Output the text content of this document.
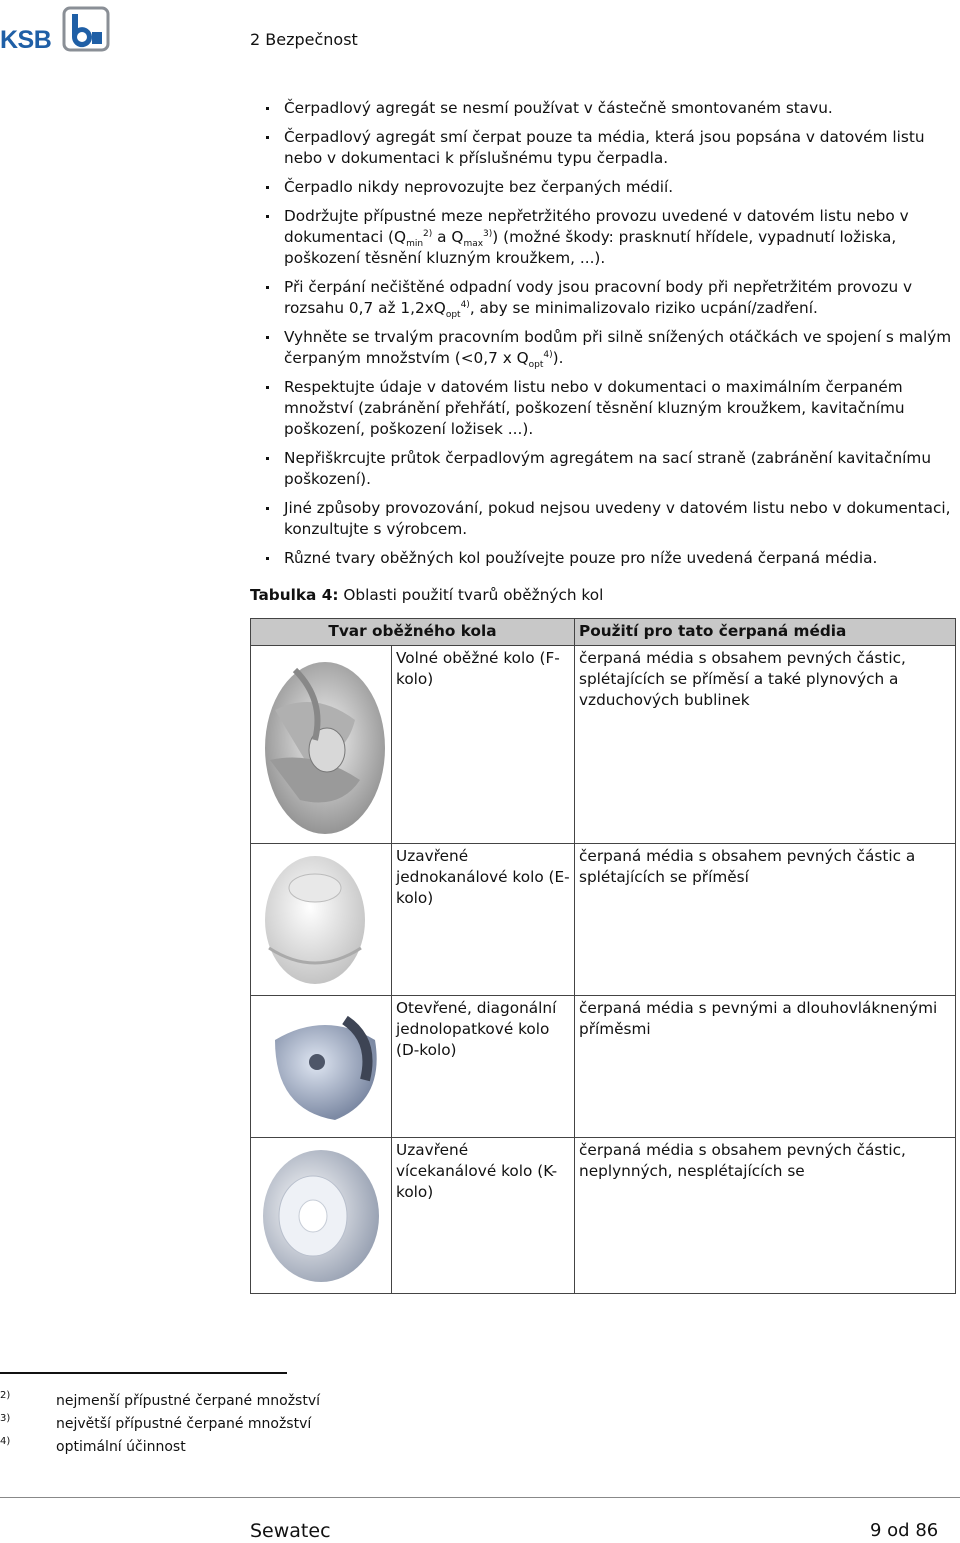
KSB	2 Bezpečnost
Čerpadlový agregát se nesmí používat v částečně smontovaném stavu.
Čerpadlový agregát smí čerpat pouze ta média, která jsou popsána v datovém listu nebo v dokumentaci k příslušnému typu čerpadla.
Čerpadlo nikdy neprovozujte bez čerpaných médií.
Dodržujte přípustné meze nepřetržitého provozu uvedené v datovém listu nebo v dokumentaci ($Q_{min}^{2)}$ a $Q_{max}^{3)}$) (možné škody: prasknutí hřídele, vypadnutí ložiska, poškození těsnění kluzným kroužkem, ...).
Při čerpání nečištěné odpadní vody jsou pracovní body při nepřetržitém provozu v rozsahu 0,7 až $1,2xQ_{opt}^{4)}$, aby se minimalizovalo riziko ucpání/zadření.
Vyhněte se trvalým pracovním bodům při silně snížených otáčkách ve spojení s malým čerpaným množstvím (<0,7 x $Q_{opt}^{4)}$).
Respektujte údaje v datovém listu nebo v dokumentaci o maximálním čerpaném množství (zabránění přehřátí, poškození těsnění kluzným kroužkem, kavitačnímu poškození, poškození ložisek ...).
Nepřiškrcujte průtok čerpadlovým agregátem na sací straně (zabránění kavitačnímu poškození).
Jiné způsoby provozování, pokud nejsou uvedeny v datovém listu nebo v dokumentaci, konzultujte s výrobcem.
Různé tvary oběžných kol používejte pouze pro níže uvedená čerpaná média.
Tabulka 4: Oblasti použití tvarů oběžných kol
Tvar oběžného kola		Použití pro tato čerpaná média

	Volné oběžné kolo (F-kolo)	čerpaná média s obsahem pevných částic, splétajících se příměsí a také plynových a vzduchových bublinek

	Uzavřené jednokanálové kolo (E-kolo)	čerpaná média s obsahem pevných částic a splétajících se příměsí

	Otevřené, diagonální jednolopatkové kolo (D-kolo)	čerpaná média s pevnými a dlouhovláknenými příměsmi

	Uzavřené vícekanálové kolo (K-kolo)	čerpaná média s obsahem pevných částic, neplynných, nesplétajících se
2)	nejmenší přípustné čerpané množství
3)	největší přípustné čerpané množství
4)	optimální účinnost
Sewatec	9 od 86
